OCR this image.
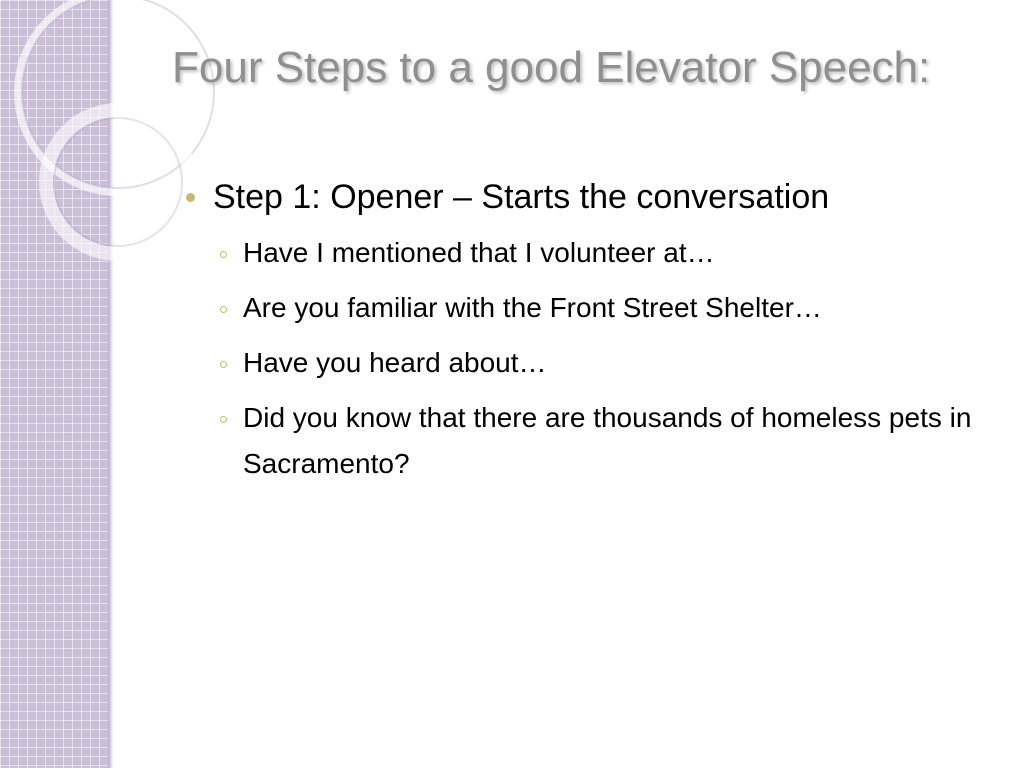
Four Steps to a good Elevator Speech:
Step 1: Opener – Starts the conversation
Have I mentioned that I volunteer at…
Are you familiar with the Front Street Shelter…
Have you heard about…
Did you know that there are thousands of homeless pets in Sacramento?
